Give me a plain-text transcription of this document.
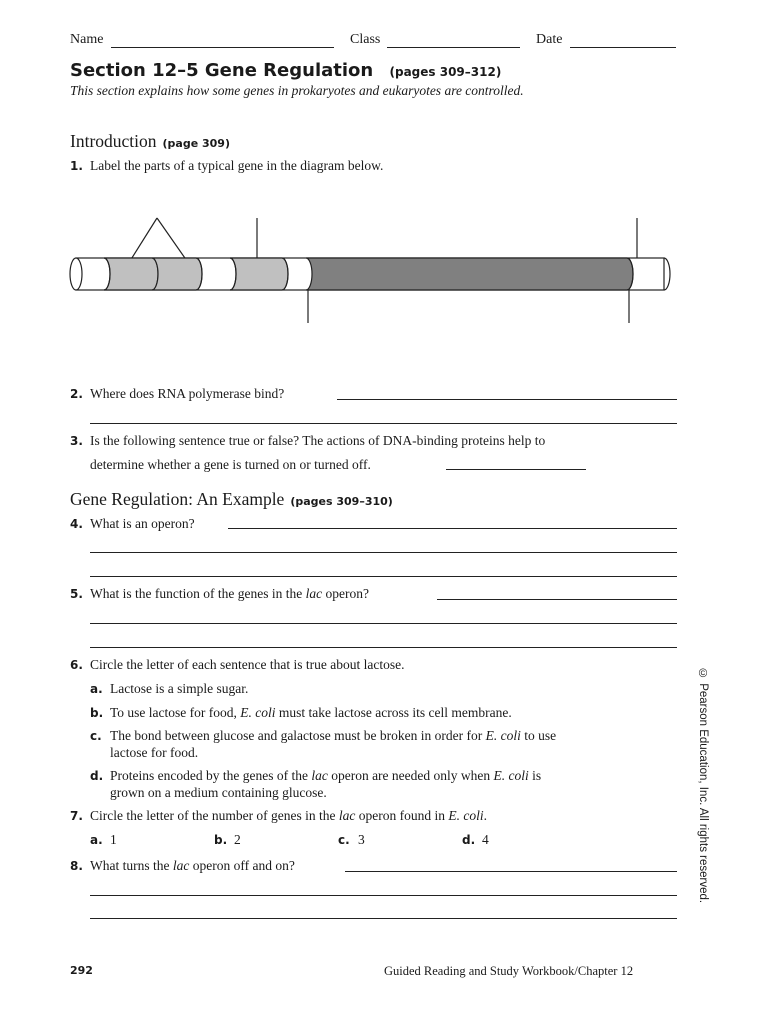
Name	Class	Date
Section 12–5 Gene Regulation (pages 309–312)
This section explains how some genes in prokaryotes and eukaryotes are controlled.
Introduction (page 309)
1. Label the parts of a typical gene in the diagram below.
2. Where does RNA polymerase bind?
3. Is the following sentence true or false? The actions of DNA-binding proteins help to
determine whether a gene is turned on or turned off.
Gene Regulation: An Example (pages 309–310)
4. What is an operon?
5. What is the function of the genes in the lac operon?
6. Circle the letter of each sentence that is true about lactose.
a. Lactose is a simple sugar.
b. To use lactose for food, E. coli must take lactose across its cell membrane.
c. The bond between glucose and galactose must be broken in order for E. coli to use
lactose for food.
d. Proteins encoded by the genes of the lac operon are needed only when E. coli is
grown on a medium containing glucose.
7. Circle the letter of the number of genes in the lac operon found in E. coli.
a. 1	b. 2	c. 3	d. 4
8. What turns the lac operon off and on?	© Pearson Education, Inc. All rights reserved.
292	Guided Reading and Study Workbook/Chapter 12
